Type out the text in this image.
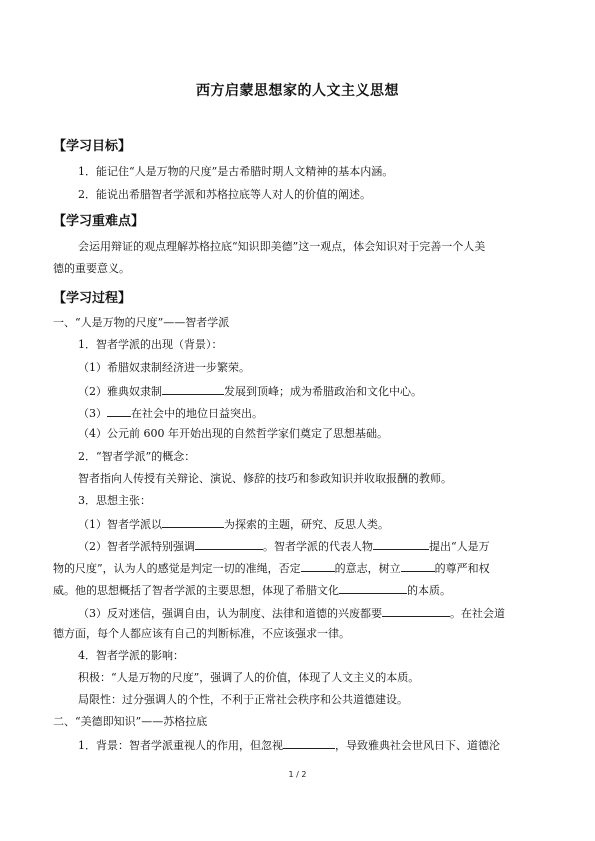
西方启蒙思想家的人文主义思想
【学习目标】
1．能记住“人是万物的尺度”是古希腊时期人文精神的基本内涵。
2．能说出希腊智者学派和苏格拉底等人对人的价值的阐述。
【学习重难点】
会运用辩证的观点理解苏格拉底“知识即美德”这一观点，体会知识对于完善一个人美
德的重要意义。
【学习过程】
一、“人是万物的尺度”——智者学派
1．智者学派的出现（背景）：
（1）希腊奴隶制经济进一步繁荣。
（2）雅典奴隶制	发展到顶峰；成为希腊政治和文化中心。
（3） 在社会中的地位日益突出。
（4）公元前 600 年开始出现的自然哲学家们奠定了思想基础。
2．“智者学派”的概念：
智者指向人传授有关辩论、演说、修辞的技巧和参政知识并收取报酬的教师。
3．思想主张：
（1）智者学派以	为探索的主题，研究、反思人类。
（2）智者学派特别强调	。智者学派的代表人物	提出“人是万
物的尺度”，认为人的感觉是判定一切的准绳，否定	的意志，树立	的尊严和权
威。他的思想概括了智者学派的主要思想，体现了希腊文化	的本质。
（3）反对迷信，强调自由，认为制度、法律和道德的兴废都要	。在社会道
德方面，每个人都应该有自己的判断标准，不应该强求一律。
4．智者学派的影响：
积极：“人是万物的尺度”，强调了人的价值，体现了人文主义的本质。
局限性：过分强调人的个性，不利于正常社会秩序和公共道德建设。
二、“美德即知识”——苏格拉底
1．背景：智者学派重视人的作用，但忽视	，导致雅典社会世风日下、道德沦
1 / 2
